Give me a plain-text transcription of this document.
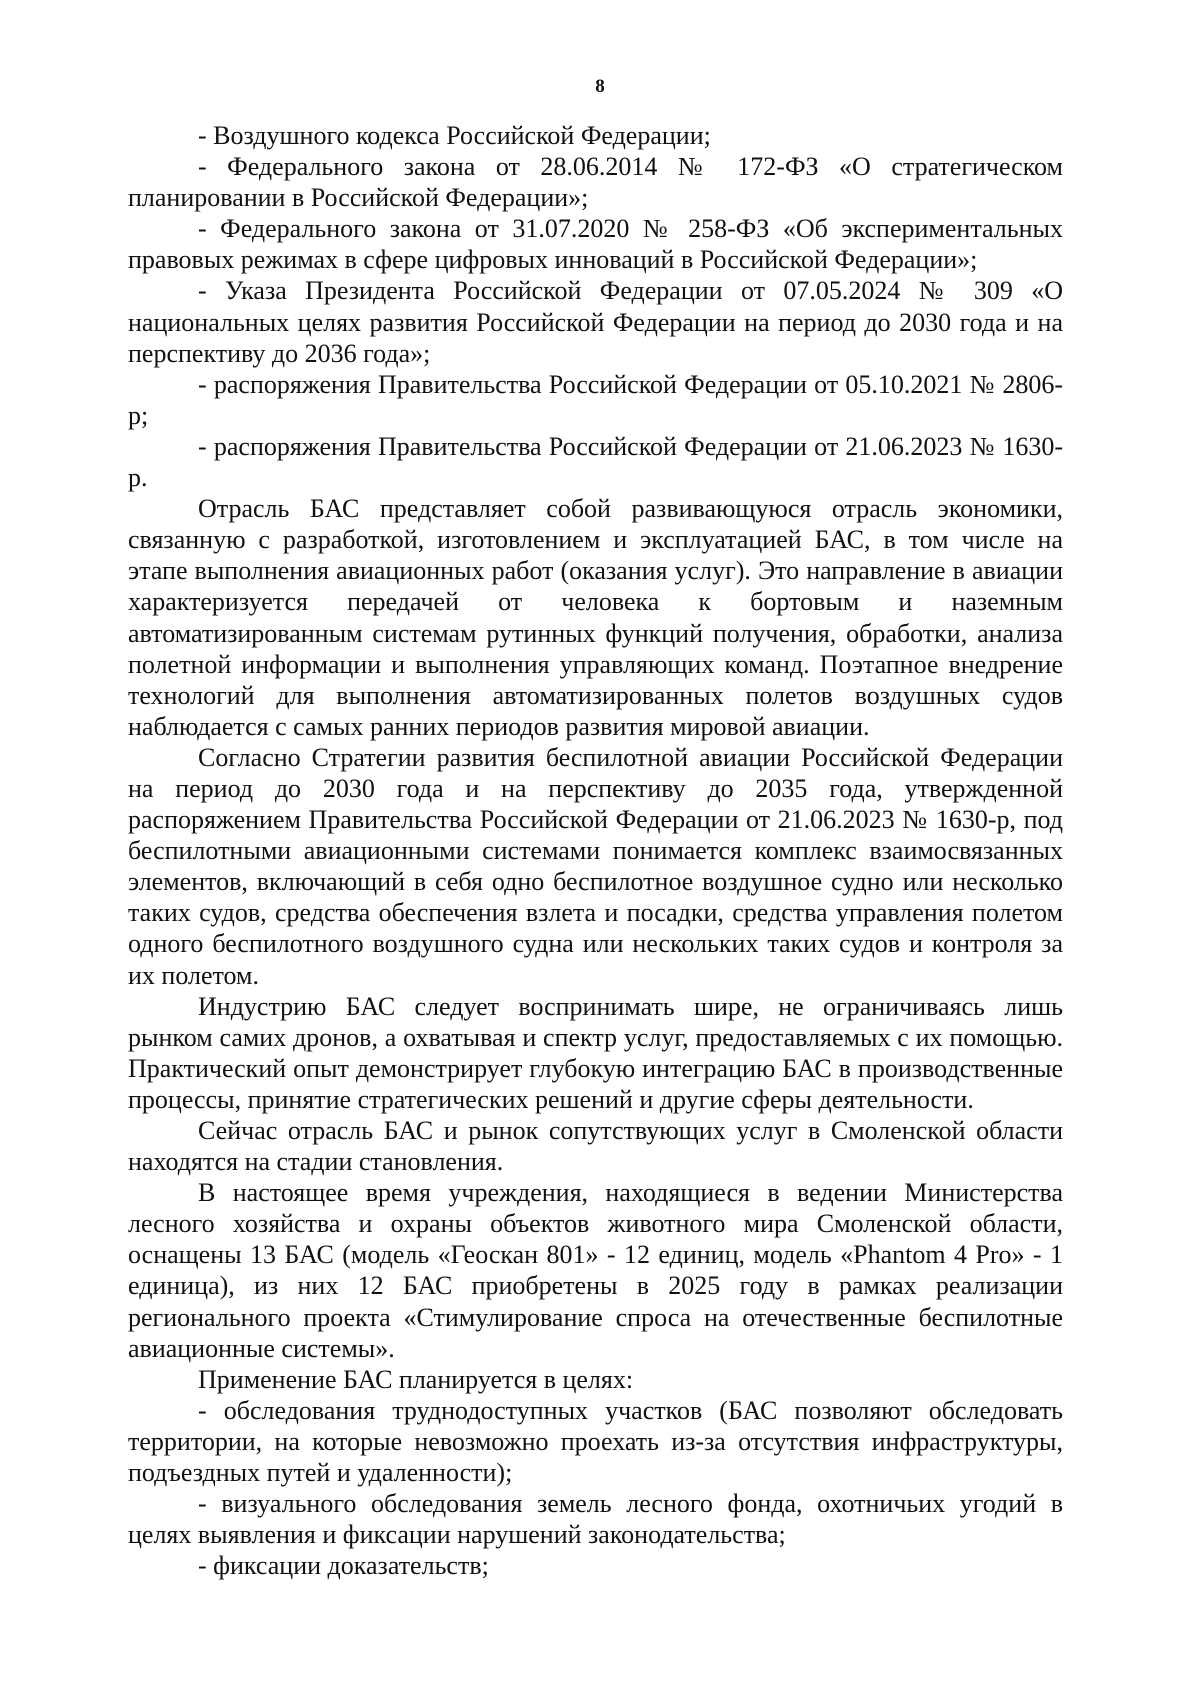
8

- Воздушного кодекса Российской Федерации;

- Федерального закона от 28.06.2014 № 172-ФЗ «О стратегическом планировании в Российской Федерации»;

- Федерального закона от 31.07.2020 № 258-ФЗ «Об экспериментальных правовых режимах в сфере цифровых инноваций в Российской Федерации»;

- Указа Президента Российской Федерации от 07.05.2024 № 309 «О национальных целях развития Российской Федерации на период до 2030 года и на перспективу до 2036 года»;

- распоряжения Правительства Российской Федерации от 05.10.2021 № 2806-р;

- распоряжения Правительства Российской Федерации от 21.06.2023 № 1630-р.

Отрасль БАС представляет собой развивающуюся отрасль экономики, связанную с разработкой, изготовлением и эксплуатацией БАС, в том числе на этапе выполнения авиационных работ (оказания услуг). Это направление в авиации характеризуется передачей от человека к бортовым и наземным автоматизированным системам рутинных функций получения, обработки, анализа полетной информации и выполнения управляющих команд. Поэтапное внедрение технологий для выполнения автоматизированных полетов воздушных судов наблюдается с самых ранних периодов развития мировой авиации.

Согласно Стратегии развития беспилотной авиации Российской Федерации на период до 2030 года и на перспективу до 2035 года, утвержденной распоряжением Правительства Российской Федерации от 21.06.2023 № 1630-р, под беспилотными авиационными системами понимается комплекс взаимосвязанных элементов, включающий в себя одно беспилотное воздушное судно или несколько таких судов, средства обеспечения взлета и посадки, средства управления полетом одного беспилотного воздушного судна или нескольких таких судов и контроля за их полетом.

Индустрию БАС следует воспринимать шире, не ограничиваясь лишь рынком самих дронов, а охватывая и спектр услуг, предоставляемых с их помощью. Практический опыт демонстрирует глубокую интеграцию БАС в производственные процессы, принятие стратегических решений и другие сферы деятельности.

Сейчас отрасль БАС и рынок сопутствующих услуг в Смоленской области находятся на стадии становления.

В настоящее время учреждения, находящиеся в ведении Министерства лесного хозяйства и охраны объектов животного мира Смоленской области, оснащены 13 БАС (модель «Геоскан 801» - 12 единиц, модель «Phantom 4 Pro» - 1 единица), из них 12 БАС приобретены в 2025 году в рамках реализации регионального проекта «Стимулирование спроса на отечественные беспилотные авиационные системы».

Применение БАС планируется в целях:

- обследования труднодоступных участков (БАС позволяют обследовать территории, на которые невозможно проехать из-за отсутствия инфраструктуры, подъездных путей и удаленности);

- визуального обследования земель лесного фонда, охотничьих угодий в целях выявления и фиксации нарушений законодательства;

- фиксации доказательств;
